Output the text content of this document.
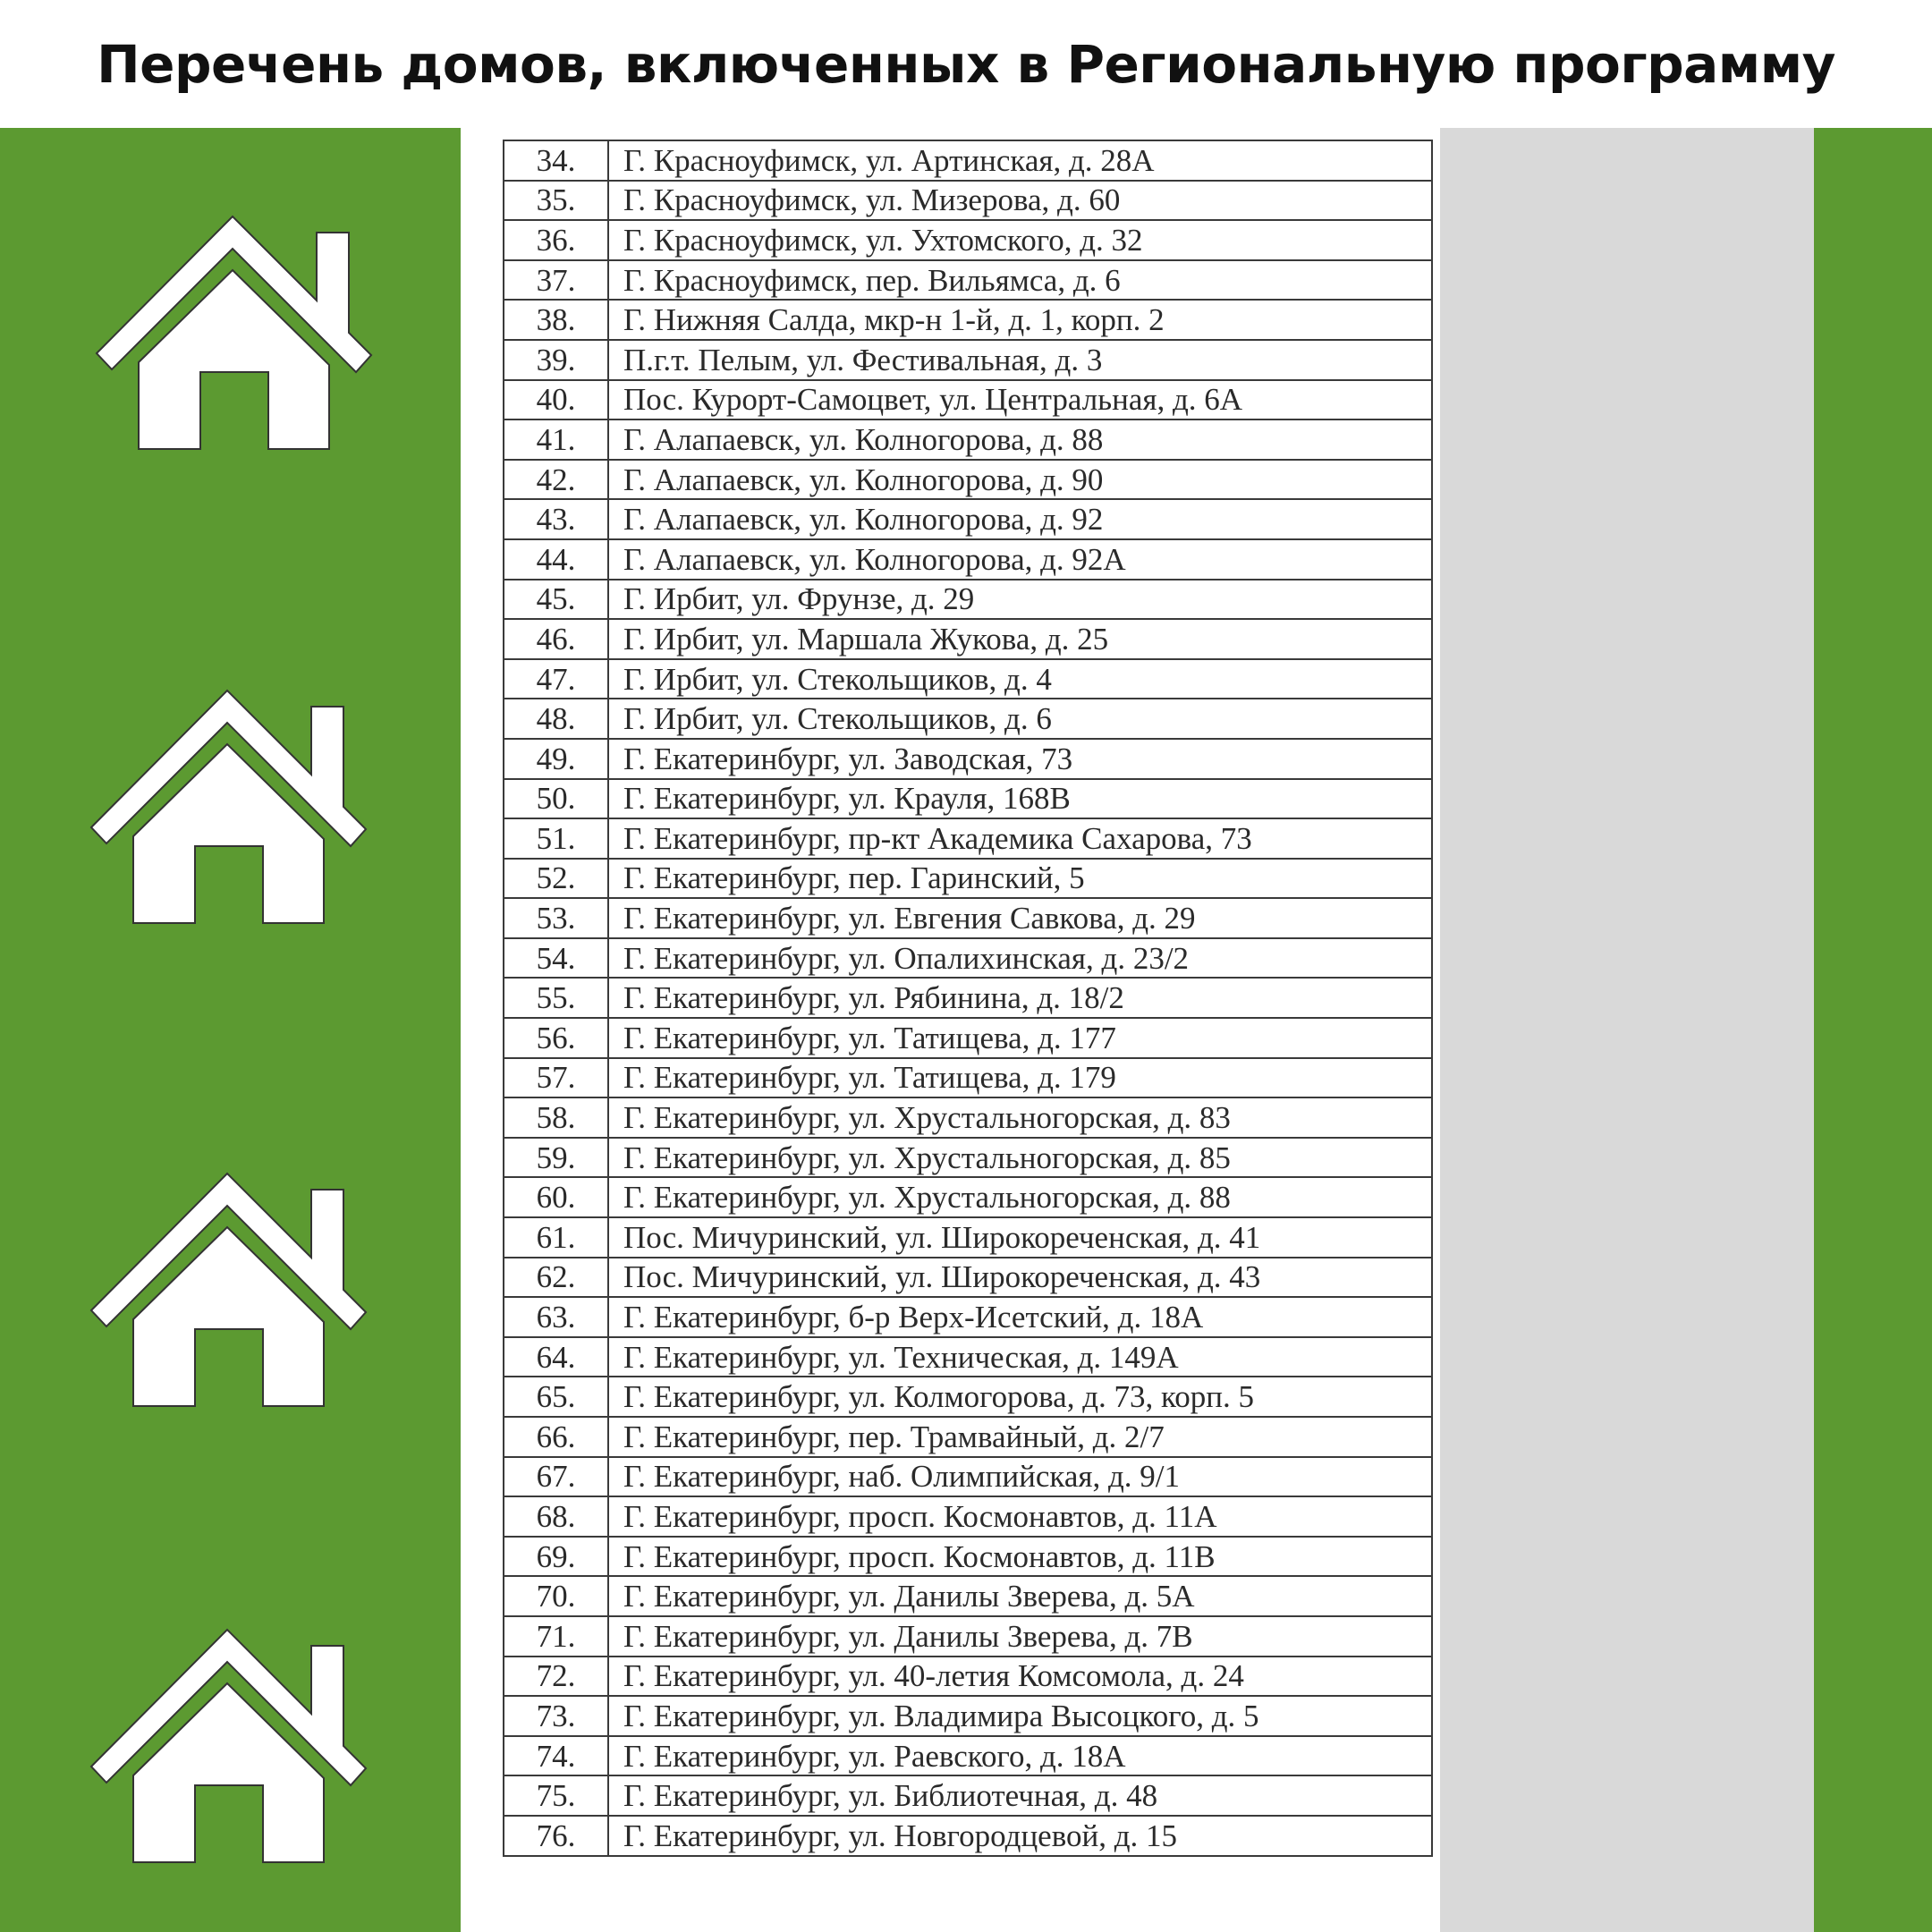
Перечень домов, включенных в Региональную программу
34.	Г. Красноуфимск, ул. Артинская, д. 28А
35.	Г. Красноуфимск, ул. Мизерова, д. 60
36.	Г. Красноуфимск, ул. Ухтомского, д. 32
37.	Г. Красноуфимск, пер. Вильямса, д. 6
38.	Г. Нижняя Салда, мкр-н 1-й, д. 1, корп. 2
39.	П.г.т. Пелым, ул. Фестивальная, д. 3
40.	Пос. Курорт-Самоцвет, ул. Центральная, д. 6А
41.	Г. Алапаевск, ул. Колногорова, д. 88
42.	Г. Алапаевск, ул. Колногорова, д. 90
43.	Г. Алапаевск, ул. Колногорова, д. 92
44.	Г. Алапаевск, ул. Колногорова, д. 92А
45.	Г. Ирбит, ул. Фрунзе, д. 29
46.	Г. Ирбит, ул. Маршала Жукова, д. 25
47.	Г. Ирбит, ул. Стекольщиков, д. 4
48.	Г. Ирбит, ул. Стекольщиков, д. 6
49.	Г. Екатеринбург, ул. Заводская, 73
50.	Г. Екатеринбург, ул. Крауля, 168В
51.	Г. Екатеринбург, пр-кт Академика Сахарова, 73
52.	Г. Екатеринбург, пер. Гаринский, 5
53.	Г. Екатеринбург, ул. Евгения Савкова, д. 29
54.	Г. Екатеринбург, ул. Опалихинская, д. 23/2
55.	Г. Екатеринбург, ул. Рябинина, д. 18/2
56.	Г. Екатеринбург, ул. Татищева, д. 177
57.	Г. Екатеринбург, ул. Татищева, д. 179
58.	Г. Екатеринбург, ул. Хрустальногорская, д. 83
59.	Г. Екатеринбург, ул. Хрустальногорская, д. 85
60.	Г. Екатеринбург, ул. Хрустальногорская, д. 88
61.	Пос. Мичуринский, ул. Широкореченская, д. 41
62.	Пос. Мичуринский, ул. Широкореченская, д. 43
63.	Г. Екатеринбург, б-р Верх-Исетский, д. 18А
64.	Г. Екатеринбург, ул. Техническая, д. 149А
65.	Г. Екатеринбург, ул. Колмогорова, д. 73, корп. 5
66.	Г. Екатеринбург, пер. Трамвайный, д. 2/7
67.	Г. Екатеринбург, наб. Олимпийская, д. 9/1
68.	Г. Екатеринбург, просп. Космонавтов, д. 11А
69.	Г. Екатеринбург, просп. Космонавтов, д. 11В
70.	Г. Екатеринбург, ул. Данилы Зверева, д. 5А
71.	Г. Екатеринбург, ул. Данилы Зверева, д. 7В
72.	Г. Екатеринбург, ул. 40-летия Комсомола, д. 24
73.	Г. Екатеринбург, ул. Владимира Высоцкого, д. 5
74.	Г. Екатеринбург, ул. Раевского, д. 18А
75.	Г. Екатеринбург, ул. Библиотечная, д. 48
76.	Г. Екатеринбург, ул. Новгородцевой, д. 15
